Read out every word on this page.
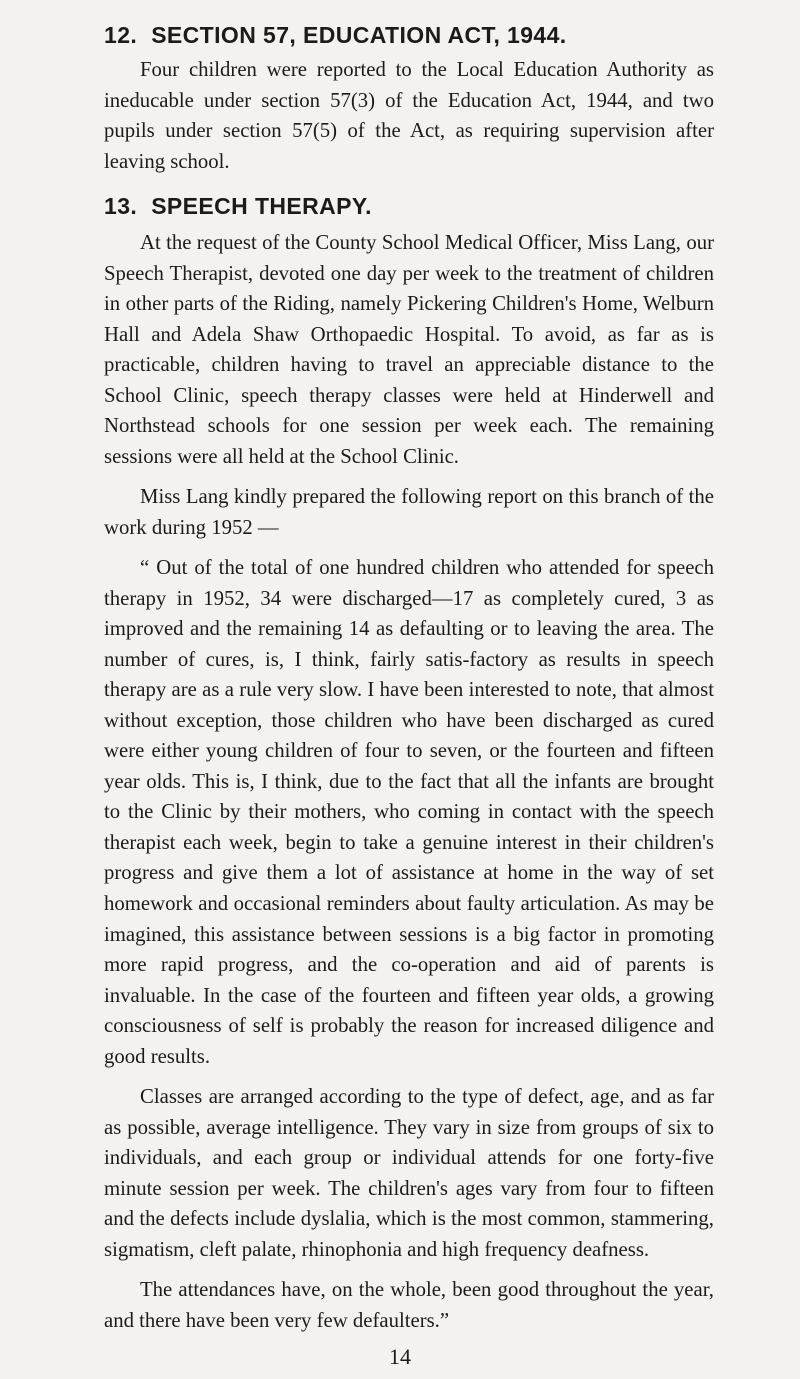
12. SECTION 57, EDUCATION ACT, 1944.

Four children were reported to the Local Education Authority as ineducable under section 57(3) of the Education Act, 1944, and two pupils under section 57(5) of the Act, as requiring supervision after leaving school.

13. SPEECH THERAPY.

At the request of the County School Medical Officer, Miss Lang, our Speech Therapist, devoted one day per week to the treatment of children in other parts of the Riding, namely Pickering Children's Home, Welburn Hall and Adela Shaw Orthopaedic Hospital. To avoid, as far as is practicable, children having to travel an appreciable distance to the School Clinic, speech therapy classes were held at Hinderwell and Northstead schools for one session per week each. The remaining sessions were all held at the School Clinic.

Miss Lang kindly prepared the following report on this branch of the work during 1952 —

“ Out of the total of one hundred children who attended for speech therapy in 1952, 34 were discharged—17 as completely cured, 3 as improved and the remaining 14 as defaulting or to leaving the area. The number of cures, is, I think, fairly satis-factory as results in speech therapy are as a rule very slow. I have been interested to note, that almost without exception, those children who have been discharged as cured were either young children of four to seven, or the fourteen and fifteen year olds. This is, I think, due to the fact that all the infants are brought to the Clinic by their mothers, who coming in contact with the speech therapist each week, begin to take a genuine interest in their children's progress and give them a lot of assistance at home in the way of set homework and occasional reminders about faulty articulation. As may be imagined, this assistance between sessions is a big factor in promoting more rapid progress, and the co-operation and aid of parents is invaluable. In the case of the fourteen and fifteen year olds, a growing consciousness of self is probably the reason for increased diligence and good results.

Classes are arranged according to the type of defect, age, and as far as possible, average intelligence. They vary in size from groups of six to individuals, and each group or individual attends for one forty-five minute session per week. The children's ages vary from four to fifteen and the defects include dyslalia, which is the most common, stammering, sigmatism, cleft palate, rhinophonia and high frequency deafness.

The attendances have, on the whole, been good throughout the year, and there have been very few defaulters.”

14
